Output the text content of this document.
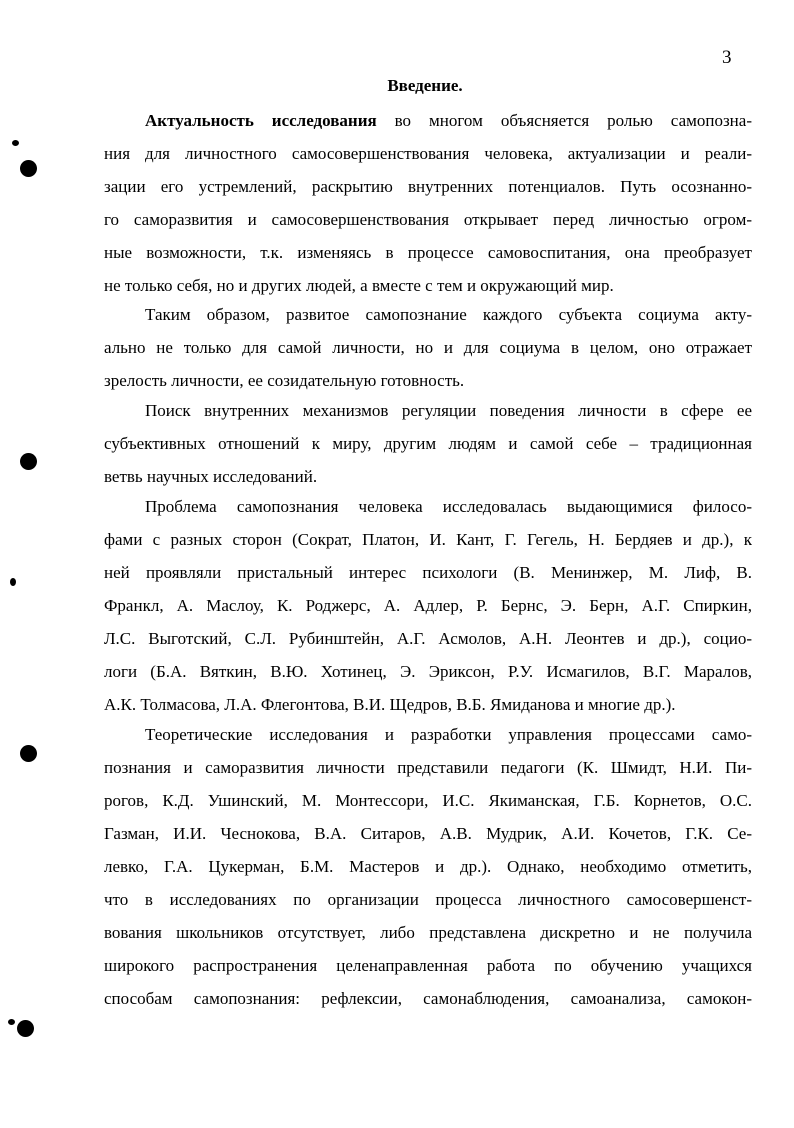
3
Введение.
Актуальность исследования во многом объясняется ролью самопозна-
ния для личностного самосовершенствования человека, актуализации и реали-
зации его устремлений, раскрытию внутренних потенциалов. Путь осознанно-
го саморазвития и самосовершенствования открывает перед личностью огром-
ные возможности, т.к. изменяясь в процессе самовоспитания, она преобразует
не только себя, но и других людей, а вместе с тем и окружающий мир.
Таким образом, развитое самопознание каждого субъекта социума акту-
ально не только для самой личности, но и для социума в целом, оно отражает
зрелость личности, ее созидательную готовность.
Поиск внутренних механизмов регуляции поведения личности в сфере ее
субъективных отношений к миру, другим людям и самой себе – традиционная
ветвь научных исследований.
Проблема самопознания человека исследовалась выдающимися филосо-
фами с разных сторон (Сократ, Платон, И. Кант, Г. Гегель, Н. Бердяев и др.), к
ней проявляли пристальный интерес психологи (В. Менинжер, М. Лиф, В.
Франкл, А. Маслоу, К. Роджерс, А. Адлер, Р. Бернс, Э. Берн, А.Г. Спиркин,
Л.С. Выготский, С.Л. Рубинштейн, А.Г. Асмолов, А.Н. Леонтев и др.), социо-
логи (Б.А. Вяткин, В.Ю. Хотинец, Э. Эриксон, Р.У. Исмагилов, В.Г. Маралов,
А.К. Толмасова, Л.А. Флегонтова, В.И. Щедров, В.Б. Ямиданова и многие др.).
Теоретические исследования и разработки управления процессами само-
познания и саморазвития личности представили педагоги (К. Шмидт, Н.И. Пи-
рогов, К.Д. Ушинский, М. Монтессори, И.С. Якиманская, Г.Б. Корнетов, О.С.
Газман, И.И. Чеснокова, В.А. Ситаров, А.В. Мудрик, А.И. Кочетов, Г.К. Се-
левко, Г.А. Цукерман, Б.М. Мастеров и др.). Однако, необходимо отметить,
что в исследованиях по организации процесса личностного самосовершенст-
вования школьников отсутствует, либо представлена дискретно и не получила
широкого распространения целенаправленная работа по обучению учащихся
способам самопознания: рефлексии, самонаблюдения, самоанализа, самокон-
